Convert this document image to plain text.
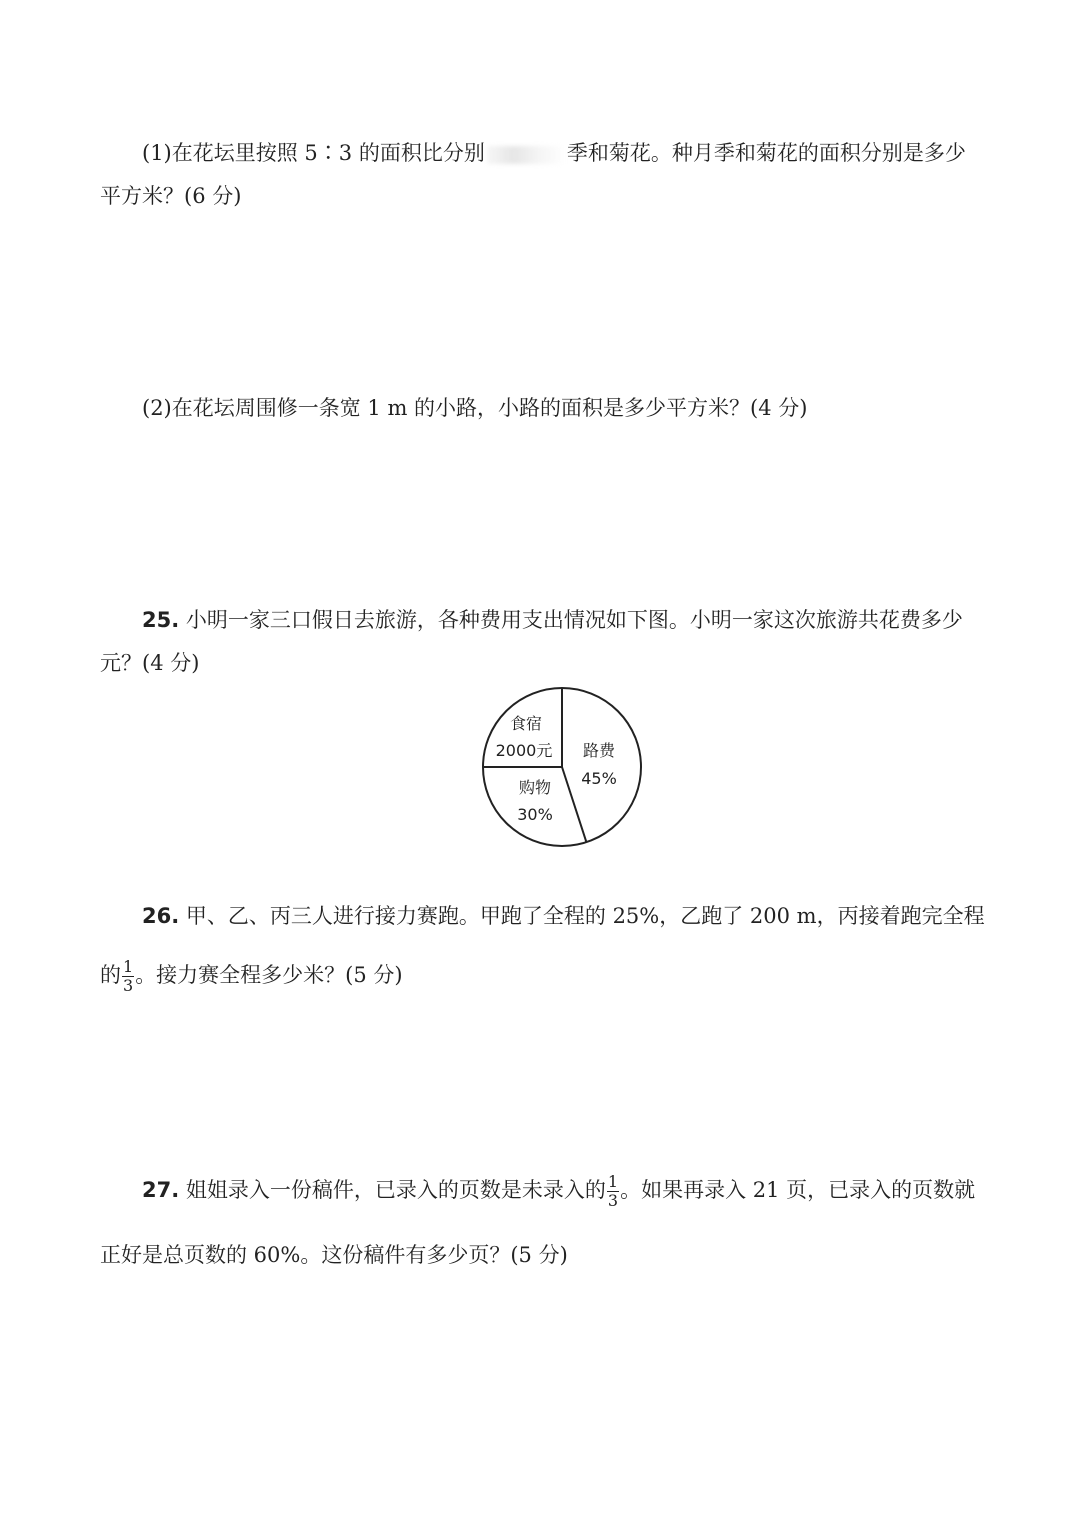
(1)在花坛里按照 5∶3 的面积比分别	季和菊花。种月季和菊花的面积分别是多少
平方米？(6 分)
(2)在花坛周围修一条宽 1 m 的小路，小路的面积是多少平方米？(4 分)
25. 小明一家三口假日去旅游，各种费用支出情况如下图。小明一家这次旅游共花费多少
元？(4 分)
路费
45%
购物
30%
食宿
2000元
26. 甲、乙、丙三人进行接力赛跑。甲跑了全程的 25%，乙跑了 200 m，丙接着跑完全程
的 $\frac{1}{3}$ 。接力赛全程多少米？(5 分)
27. 姐姐录入一份稿件，已录入的页数是未录入的 $\frac{1}{3}$ 。如果再录入 21 页，已录入的页数就
正好是总页数的 60%。这份稿件有多少页？(5 分)
